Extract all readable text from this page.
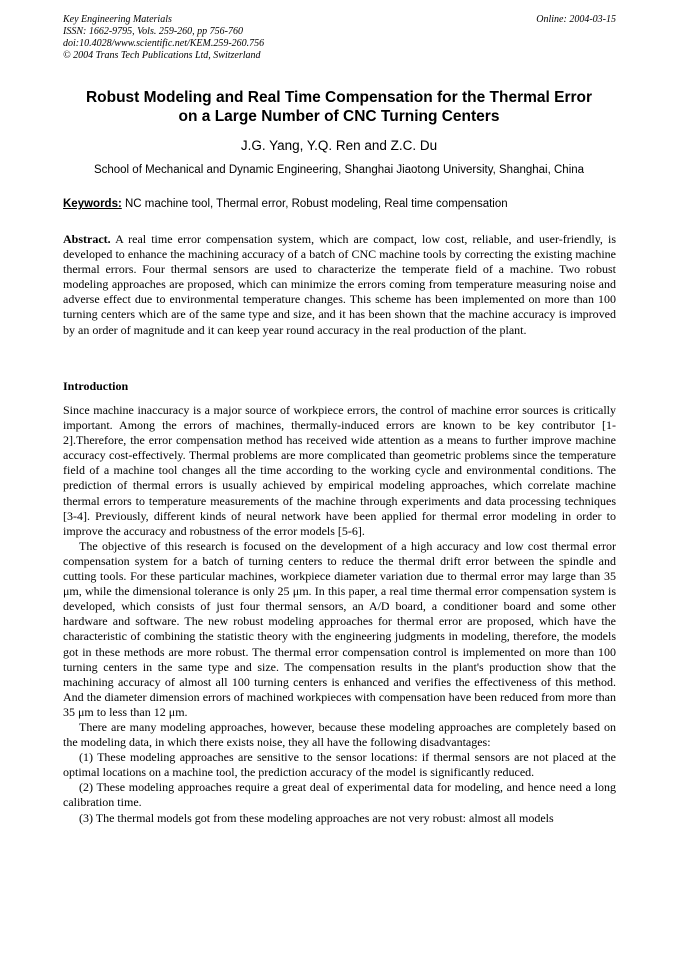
Key Engineering Materials
ISSN: 1662-9795, Vols. 259-260, pp 756-760
doi:10.4028/www.scientific.net/KEM.259-260.756
© 2004 Trans Tech Publications Ltd, Switzerland
Online: 2004-03-15
Robust Modeling and Real Time Compensation for the Thermal Error
on a Large Number of CNC Turning Centers
J.G. Yang, Y.Q. Ren and Z.C. Du
School of Mechanical and Dynamic Engineering, Shanghai Jiaotong University, Shanghai, China
Keywords: NC machine tool, Thermal error, Robust modeling, Real time compensation
Abstract. A real time error compensation system, which are compact, low cost, reliable, and user-friendly, is developed to enhance the machining accuracy of a batch of CNC machine tools by correcting the existing machine thermal errors. Four thermal sensors are used to characterize the temperate field of a machine. Two robust modeling approaches are proposed, which can minimize the errors coming from temperature measuring noise and adverse effect due to environmental temperature changes. This scheme has been implemented on more than 100 turning centers which are of the same type and size, and it has been shown that the machine accuracy is improved by an order of magnitude and it can keep year round accuracy in the real production of the plant.
Introduction

Since machine inaccuracy is a major source of workpiece errors, the control of machine error sources is critically important. Among the errors of machines, thermally-induced errors are known to be key contributor [1-2].Therefore, the error compensation method has received wide attention as a means to further improve machine accuracy cost-effectively. Thermal problems are more complicated than geometric problems since the temperature field of a machine tool changes all the time according to the working cycle and environmental conditions. The prediction of thermal errors is usually achieved by empirical modeling approaches, which correlate machine thermal errors to temperature measurements of the machine through experiments and data processing techniques [3-4]. Previously, different kinds of neural network have been applied for thermal error modeling in order to improve the accuracy and robustness of the error models [5-6].

The objective of this research is focused on the development of a high accuracy and low cost thermal error compensation system for a batch of turning centers to reduce the thermal drift error between the spindle and cutting tools. For these particular machines, workpiece diameter variation due to thermal error may large than 35 μm, while the dimensional tolerance is only 25 μm. In this paper, a real time thermal error compensation system is developed, which consists of just four thermal sensors, an A/D board, a conditioner board and some other hardware and software. The new robust modeling approaches for thermal error are proposed, which have the characteristic of combining the statistic theory with the engineering judgments in modeling, therefore, the models got in these methods are more robust. The thermal error compensation control is implemented on more than 100 turning centers in the same type and size. The compensation results in the plant's production show that the machining accuracy of almost all 100 turning centers is enhanced and verifies the effectiveness of this method. And the diameter dimension errors of machined workpieces with compensation have been reduced from more than 35 μm to less than 12 μm.

There are many modeling approaches, however, because these modeling approaches are completely based on the modeling data, in which there exists noise, they all have the following disadvantages:

(1) These modeling approaches are sensitive to the sensor locations: if thermal sensors are not placed at the optimal locations on a machine tool, the prediction accuracy of the model is significantly reduced.

(2) These modeling approaches require a great deal of experimental data for modeling, and hence need a long calibration time.

(3) The thermal models got from these modeling approaches are not very robust: almost all models
